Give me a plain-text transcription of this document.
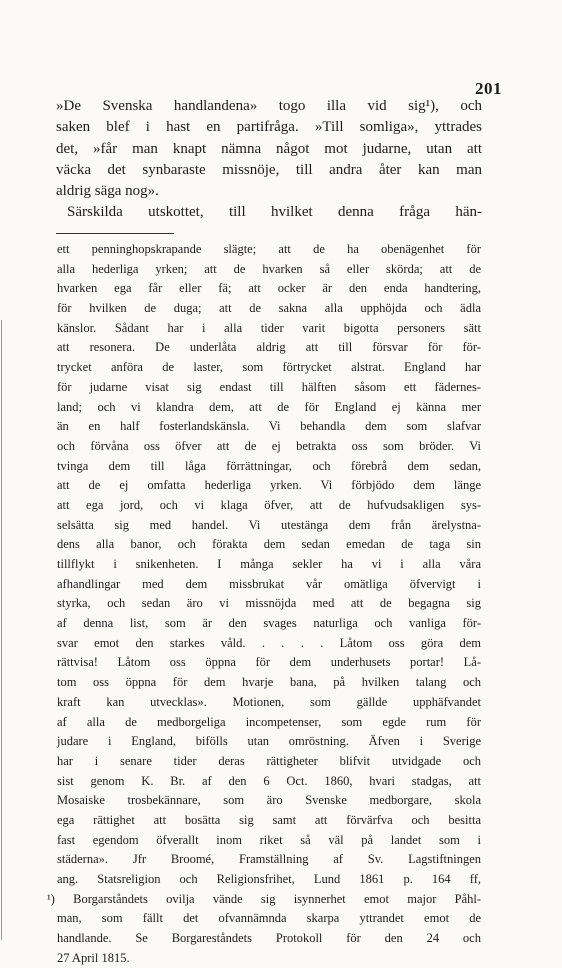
201
»De Svenska handlandena» togo illa vid sig¹), och
saken blef i hast en partifråga. »Till somliga», yttrades
det, »får man knapt nämna något mot judarne, utan att
väcka det synbaraste missnöje, till andra åter kan man
aldrig säga nog».
Särskilda utskottet, till hvilket denna fråga hän-
ett penninghopskrapande slägte; att de ha obenägenhet för
alla hederliga yrken; att de hvarken så eller skörda; att de
hvarken ega får eller fä; att ocker är den enda handtering,
för hvilken de duga; att de sakna alla upphöjda och ädla
känslor. Sådant har i alla tider varit bigotta personers sätt
att resonera. De underlåta aldrig att till försvar för för-
trycket anföra de laster, som förtrycket alstrat. England har
för judarne visat sig endast till hälften såsom ett fädernes-
land; och vi klandra dem, att de för England ej känna mer
än en half fosterlandskänsla. Vi behandla dem som slafvar
och förvåna oss öfver att de ej betrakta oss som bröder. Vi
tvinga dem till låga förrättningar, och förebrå dem sedan,
att de ej omfatta hederliga yrken. Vi förbjödo dem länge
att ega jord, och vi klaga öfver, att de hufvudsakligen sys-
selsätta sig med handel. Vi utestänga dem från ärelystna-
dens alla banor, och förakta dem sedan emedan de taga sin
tillflykt i snikenheten. I många sekler ha vi i alla våra
afhandlingar med dem missbrukat vår omätliga öfvervigt i
styrka, och sedan äro vi missnöjda med att de begagna sig
af denna list, som är den svages naturliga och vanliga för-
svar emot den starkes våld. . . . . Låtom oss göra dem
rättvisa! Låtom oss öppna för dem underhusets portar! Lå-
tom oss öppna för dem hvarje bana, på hvilken talang och
kraft kan utvecklas». Motionen, som gällde upphäfvandet
af alla de medborgeliga incompetenser, som egde rum för
judare i England, bifölls utan omröstning. Äfven i Sverige
har i senare tider deras rättigheter blifvit utvidgade och
sist genom K. Br. af den 6 Oct. 1860, hvari stadgas, att
Mosaiske trosbekännare, som äro Svenske medborgare, skola
ega rättighet att bosätta sig samt att förvärfva och besitta
fast egendom öfverallt inom riket så väl på landet som i
städerna». Jfr Broomé, Framställning af Sv. Lagstiftningen
ang. Statsreligion och Religionsfrihet, Lund 1861 p. 164 ff,
¹) Borgarståndets ovilja vände sig isynnerhet emot major Påhl-
man, som fällt det ofvannämnda skarpa yttrandet emot de
handlande. Se Borgareståndets Protokoll för den 24 och
27 April 1815.
